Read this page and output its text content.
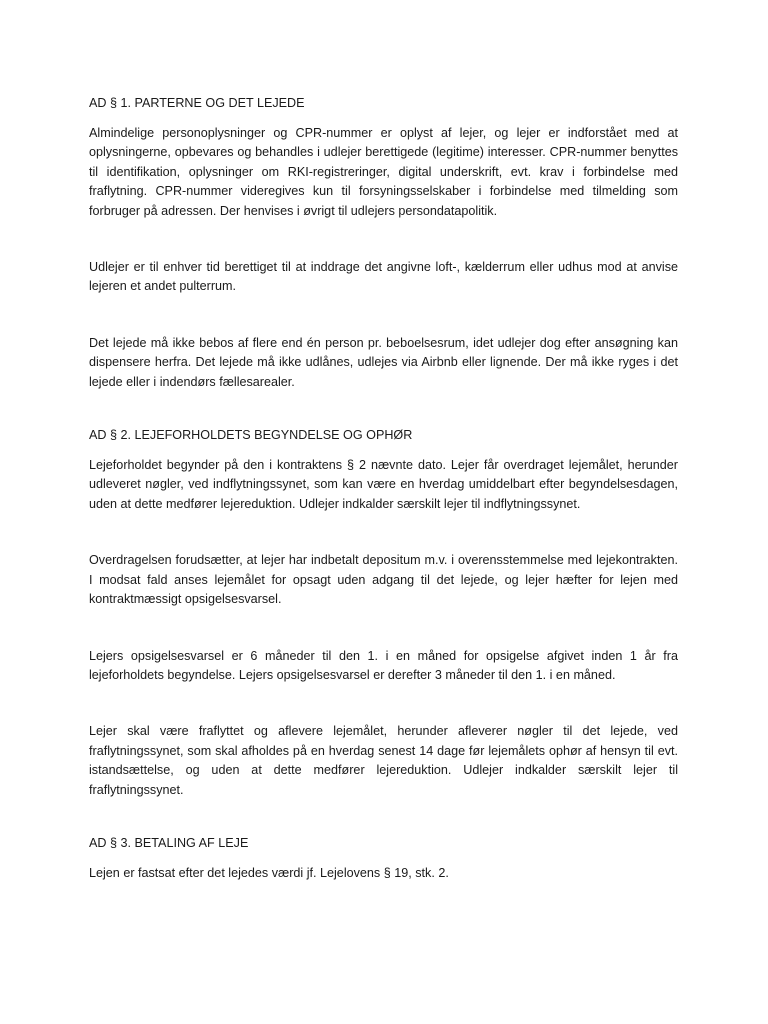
AD § 1. PARTERNE OG DET LEJEDE

Almindelige personoplysninger og CPR-nummer er oplyst af lejer, og lejer er indforstået med at oplysningerne, opbevares og behandles i udlejer berettigede (legitime) interesser. CPR-nummer benyttes til identifikation, oplysninger om RKI-registreringer, digital underskrift, evt. krav i forbindelse med fraflytning. CPR-nummer videregives kun til forsyningsselskaber i forbindelse med tilmelding som forbruger på adressen. Der henvises i øvrigt til udlejers persondatapolitik.

Udlejer er til enhver tid berettiget til at inddrage det angivne loft-, kælderrum eller udhus mod at anvise lejeren et andet pulterrum.

Det lejede må ikke bebos af flere end én person pr. beboelsesrum, idet udlejer dog efter ansøgning kan dispensere herfra. Det lejede må ikke udlånes, udlejes via Airbnb eller lignende. Der må ikke ryges i det lejede eller i indendørs fællesarealer.

AD § 2. LEJEFORHOLDETS BEGYNDELSE OG OPHØR

Lejeforholdet begynder på den i kontraktens § 2 nævnte dato. Lejer får overdraget lejemålet, herunder udleveret nøgler, ved indflytningssynet, som kan være en hverdag umiddelbart efter begyndelsesdagen, uden at dette medfører lejereduktion. Udlejer indkalder særskilt lejer til indflytningssynet.

Overdragelsen forudsætter, at lejer har indbetalt depositum m.v. i overensstemmelse med lejekontrakten. I modsat fald anses lejemålet for opsagt uden adgang til det lejede, og lejer hæfter for lejen med kontraktmæssigt opsigelsesvarsel.

Lejers opsigelsesvarsel er 6 måneder til den 1. i en måned for opsigelse afgivet inden 1 år fra lejeforholdets begyndelse. Lejers opsigelsesvarsel er derefter 3 måneder til den 1. i en måned.

Lejer skal være fraflyttet og aflevere lejemålet, herunder afleverer nøgler til det lejede, ved fraflytningssynet, som skal afholdes på en hverdag senest 14 dage før lejemålets ophør af hensyn til evt. istandsættelse, og uden at dette medfører lejereduktion. Udlejer indkalder særskilt lejer til fraflytningssynet.

AD § 3. BETALING AF LEJE

Lejen er fastsat efter det lejedes værdi jf. Lejelovens § 19, stk. 2.
